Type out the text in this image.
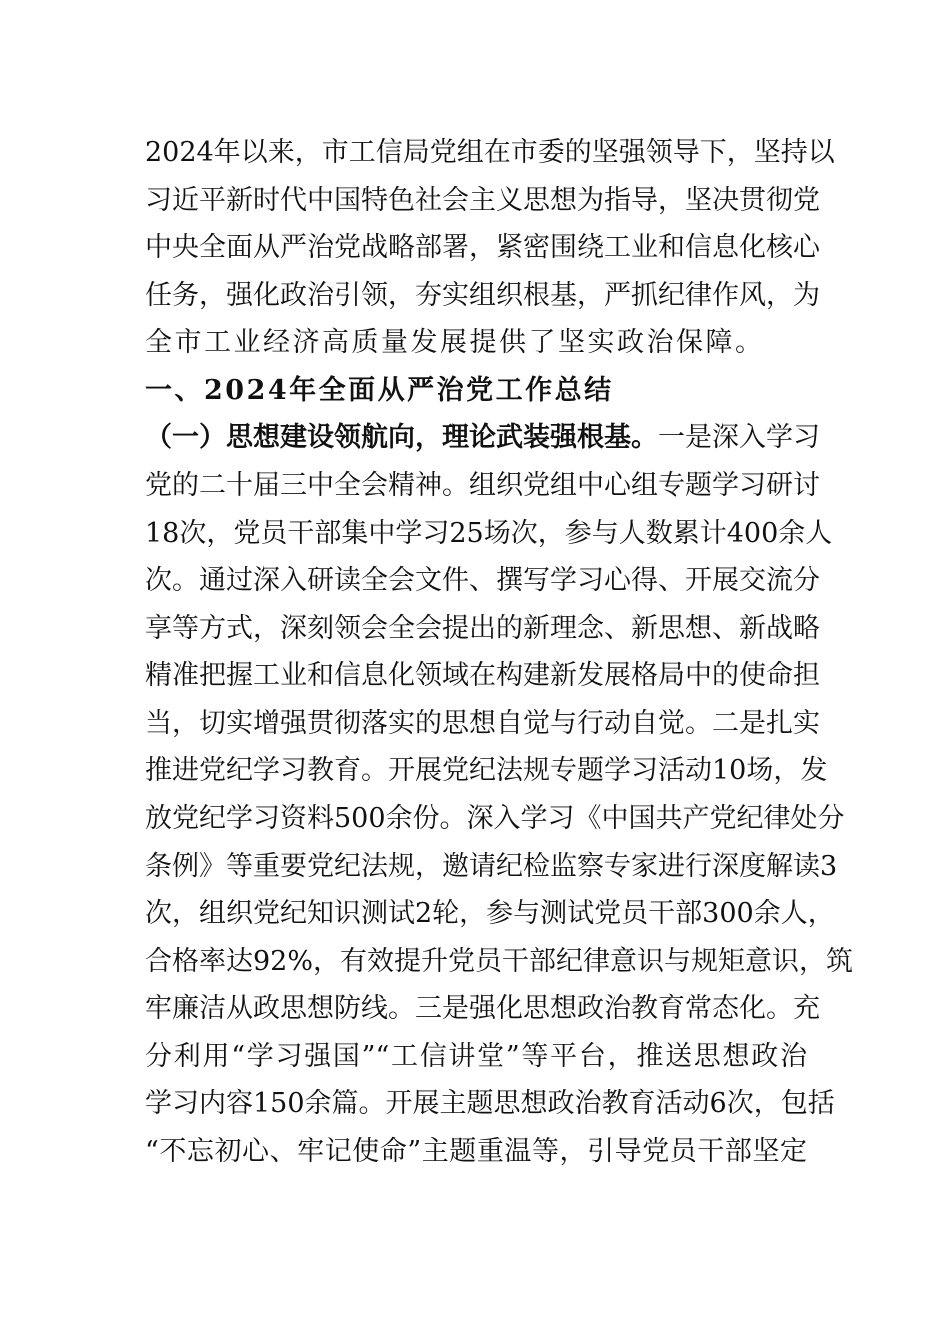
2024年以来，市工信局党组在市委的坚强领导下，坚持以
习近平新时代中国特色社会主义思想为指导，坚决贯彻党
中央全面从严治党战略部署，紧密围绕工业和信息化核心
任务，强化政治引领，夯实组织根基，严抓纪律作风，为
全市工业经济高质量发展提供了坚实政治保障。
一、2024年全面从严治党工作总结
（一）思想建设领航向，理论武装强根基。一是深入学习
党的二十届三中全会精神。组织党组中心组专题学习研讨
18次，党员干部集中学习25场次，参与人数累计400余人
次。通过深入研读全会文件、撰写学习心得、开展交流分
享等方式，深刻领会全会提出的新理念、新思想、新战略
精准把握工业和信息化领域在构建新发展格局中的使命担
当，切实增强贯彻落实的思想自觉与行动自觉。二是扎实
推进党纪学习教育。开展党纪法规专题学习活动10场，发
放党纪学习资料500余份。深入学习《中国共产党纪律处分
条例》等重要党纪法规，邀请纪检监察专家进行深度解读3
次，组织党纪知识测试2轮，参与测试党员干部300余人，
合格率达92%，有效提升党员干部纪律意识与规矩意识，筑
牢廉洁从政思想防线。三是强化思想政治教育常态化。充
分利用“学习强国”“工信讲堂”等平台，推送思想政治
学习内容150余篇。开展主题思想政治教育活动6次，包括
“不忘初心、牢记使命”主题重温等，引导党员干部坚定
